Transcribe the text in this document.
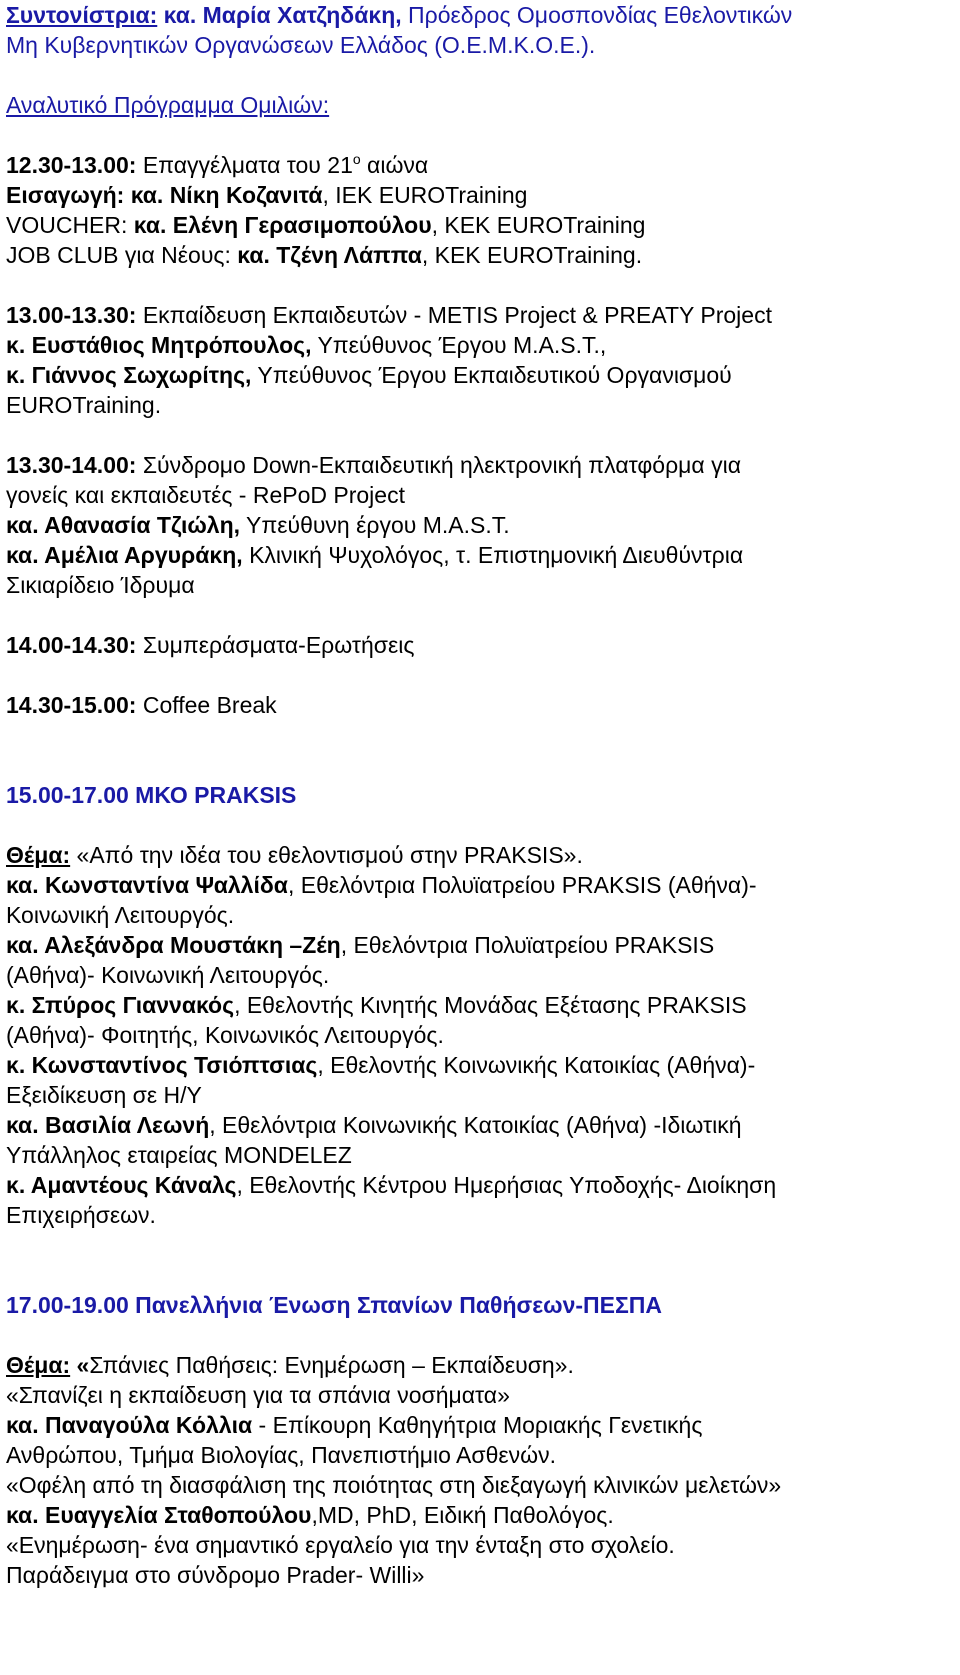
Συντονίστρια: κα. Μαρία Χατζηδάκη, Πρόεδρος Ομοσπονδίας Εθελοντικών
Μη Κυβερνητικών Οργανώσεων Ελλάδος (Ο.Ε.Μ.Κ.Ο.Ε.).
Αναλυτικό Πρόγραμμα Ομιλιών:
12.30-13.00: Επαγγέλματα του $21^o$ αιώνα
Εισαγωγή: κα. Νίκη Κοζανιτά, ΙΕΚ EUROTraining
VOUCHER: κα. Ελένη Γερασιμοπούλου, ΚΕΚ EUROTraining
JOB CLUB για Νέους: κα. Τζένη Λάππα, ΚΕΚ EUROTraining.
13.00-13.30: Εκπαίδευση Εκπαιδευτών - METIS Project & PREATY Project
κ. Ευστάθιος Μητρόπουλος, Υπεύθυνος Έργου M.A.S.T.,
κ. Γιάννος Σωχωρίτης, Υπεύθυνος Έργου Εκπαιδευτικού Οργανισμού
EUROTraining.
13.30-14.00: Σύνδρομο Down-Εκπαιδευτική ηλεκτρονική πλατφόρμα για
γονείς και εκπαιδευτές - RePoD Project
κα. Αθανασία Τζιώλη, Υπεύθυνη έργου M.A.S.T.
κα. Αμέλια Αργυράκη, Κλινική Ψυχολόγος, τ. Επιστημονική Διευθύντρια
Σικιαρίδειο Ίδρυμα
14.00-14.30: Συμπεράσματα-Ερωτήσεις
14.30-15.00: Coffee Break
15.00-17.00 ΜΚΟ PRAKSIS
Θέμα: «Από την ιδέα του εθελοντισμού στην PRAKSIS».
κα. Κωνσταντίνα Ψαλλίδα, Εθελόντρια Πολυϊατρείου PRAKSIS (Αθήνα)-
Κοινωνική Λειτουργός.
κα. Αλεξάνδρα Μουστάκη –Ζέη, Εθελόντρια Πολυϊατρείου PRAKSIS
(Αθήνα)- Κοινωνική Λειτουργός.
κ. Σπύρος Γιαννακός, Εθελοντής Κινητής Μονάδας Εξέτασης PRAKSIS
(Αθήνα)- Φοιτητής, Κοινωνικός Λειτουργός.
κ. Κωνσταντίνος Τσιόπτσιας, Εθελοντής Κοινωνικής Κατοικίας (Αθήνα)-
Εξειδίκευση σε Η/Υ
κα. Βασιλία Λεωνή, Εθελόντρια Κοινωνικής Κατοικίας (Αθήνα) -Ιδιωτική
Υπάλληλος εταιρείας MONDELEZ
κ. Αμαντέους Κάναλς, Εθελοντής Κέντρου Ημερήσιας Υποδοχής- Διοίκηση
Επιχειρήσεων.
17.00-19.00 Πανελλήνια Ένωση Σπανίων Παθήσεων-ΠΕΣΠΑ
Θέμα: «Σπάνιες Παθήσεις: Ενημέρωση – Εκπαίδευση».
«Σπανίζει η εκπαίδευση για τα σπάνια νοσήματα»
κα. Παναγούλα Κόλλια - Επίκουρη Καθηγήτρια Μοριακής Γενετικής
Ανθρώπου, Τμήμα Βιολογίας, Πανεπιστήμιο Ασθενών.
«Οφέλη από τη διασφάλιση της ποιότητας στη διεξαγωγή κλινικών μελετών»
κα. Ευαγγελία Σταθοπούλου,MD, PhD, Ειδική Παθολόγος.
«Ενημέρωση- ένα σημαντικό εργαλείο για την ένταξη στο σχολείο.
Παράδειγμα στο σύνδρομο Prader- Willi»
